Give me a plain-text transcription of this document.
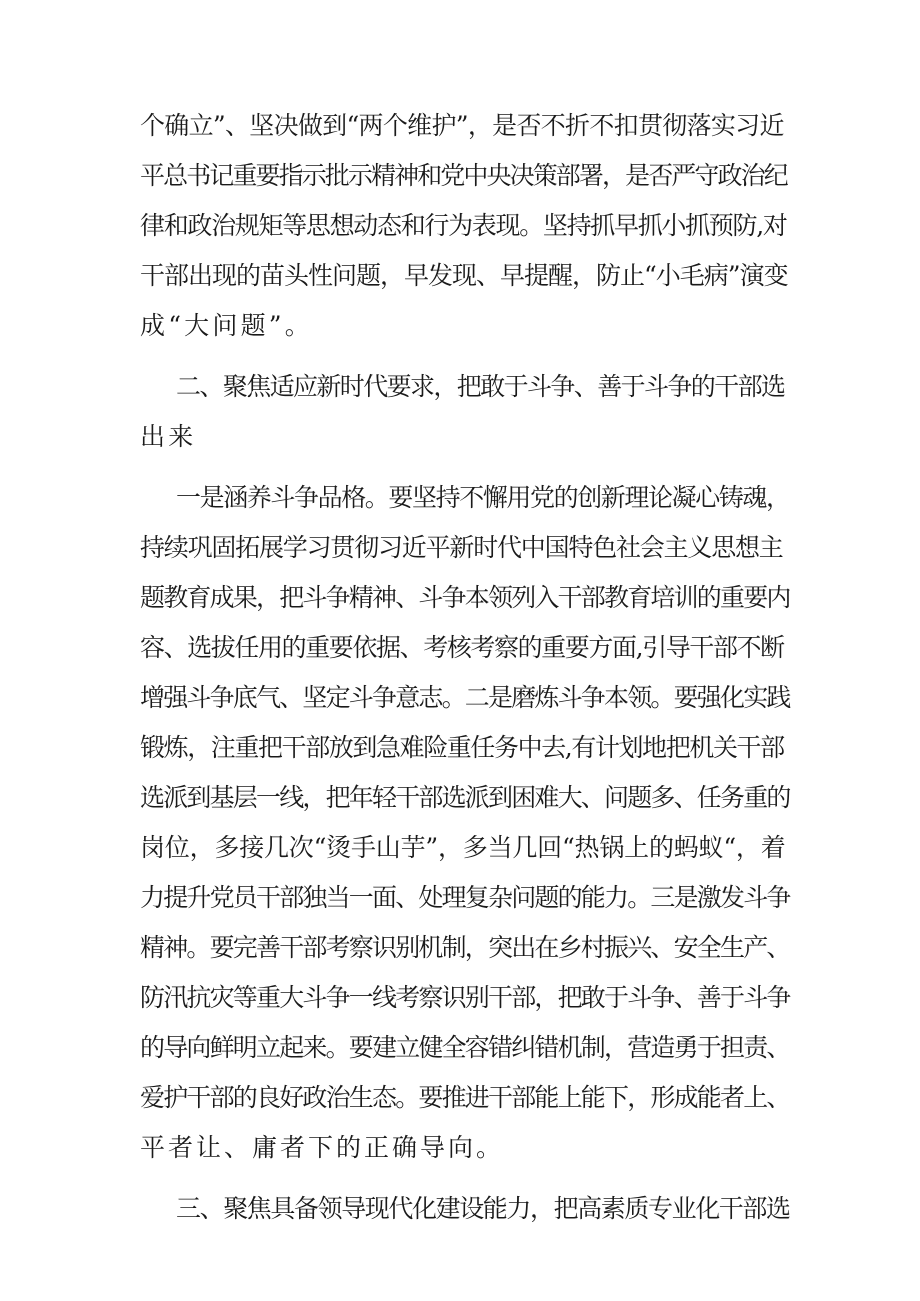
个确立”、坚决做到“两个维护”，是否不折不扣贯彻落实习近
平总书记重要指示批示精神和党中央决策部署，是否严守政治纪
律和政治规矩等思想动态和行为表现。坚持抓早抓小抓预防,对
干部出现的苗头性问题，早发现、早提醒，防止“小毛病”演变
成“大问题”。
二、聚焦适应新时代要求，把敢于斗争、善于斗争的干部选
出来
一是涵养斗争品格。要坚持不懈用党的创新理论凝心铸魂，
持续巩固拓展学习贯彻习近平新时代中国特色社会主义思想主
题教育成果，把斗争精神、斗争本领列入干部教育培训的重要内
容、选拔任用的重要依据、考核考察的重要方面,引导干部不断
增强斗争底气、坚定斗争意志。二是磨炼斗争本领。要强化实践
锻炼，注重把干部放到急难险重任务中去,有计划地把机关干部
选派到基层一线，把年轻干部选派到困难大、问题多、任务重的
岗位，多接几次“烫手山芋”，多当几回“热锅上的蚂蚁“，着
力提升党员干部独当一面、处理复杂问题的能力。三是激发斗争
精神。要完善干部考察识别机制，突出在乡村振兴、安全生产、
防汛抗灾等重大斗争一线考察识别干部，把敢于斗争、善于斗争
的导向鲜明立起来。要建立健全容错纠错机制，营造勇于担责、
爱护干部的良好政治生态。要推进干部能上能下，形成能者上、
平者让、庸者下的正确导向。
三、聚焦具备领导现代化建设能力，把高素质专业化干部选
